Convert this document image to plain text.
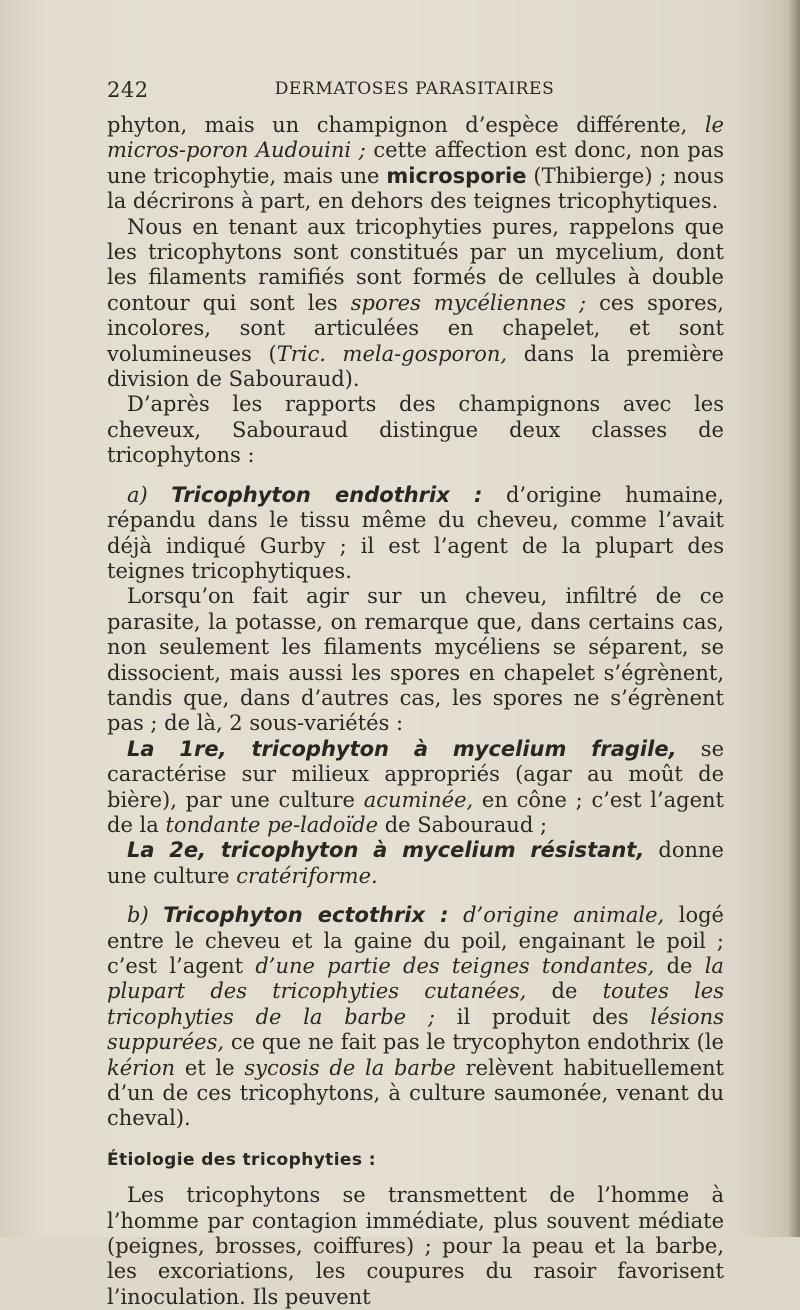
242	DERMATOSES PARASITAIRES

phyton, mais un champignon d’espèce différente, le micros-poron Audouini ; cette affection est donc, non pas une tricophytie, mais une microsporie (Thibierge) ; nous la décrirons à part, en dehors des teignes tricophytiques.

Nous en tenant aux tricophyties pures, rappelons que les tricophytons sont constitués par un mycelium, dont les filaments ramifiés sont formés de cellules à double contour qui sont les spores mycéliennes ; ces spores, incolores, sont articulées en chapelet, et sont volumineuses (Tric. mela-gosporon, dans la première division de Sabouraud).

D’après les rapports des champignons avec les cheveux, Sabouraud distingue deux classes de tricophytons :

a) Tricophyton endothrix : d’origine humaine, répandu dans le tissu même du cheveu, comme l’avait déjà indiqué Gurby ; il est l’agent de la plupart des teignes tricophytiques.

Lorsqu’on fait agir sur un cheveu, infiltré de ce parasite, la potasse, on remarque que, dans certains cas, non seulement les filaments mycéliens se séparent, se dissocient, mais aussi les spores en chapelet s’égrènent, tandis que, dans d’autres cas, les spores ne s’égrènent pas ; de là, 2 sous-variétés :

La 1re, tricophyton à mycelium fragile, se caractérise sur milieux appropriés (agar au moût de bière), par une culture acuminée, en cône ; c’est l’agent de la tondante pe-ladoïde de Sabouraud ;

La 2e, tricophyton à mycelium résistant, donne une culture cratériforme.

b) Tricophyton ectothrix : d’origine animale, logé entre le cheveu et la gaine du poil, engainant le poil ; c’est l’agent d’une partie des teignes tondantes, de la plupart des tricophyties cutanées, de toutes les tricophyties de la barbe ; il produit des lésions suppurées, ce que ne fait pas le trycophyton endothrix (le kérion et le sycosis de la barbe relèvent habituellement d’un de ces tricophytons, à culture saumonée, venant du cheval).

Étiologie des tricophyties :

Les tricophytons se transmettent de l’homme à l’homme par contagion immédiate, plus souvent médiate (peignes, brosses, coiffures) ; pour la peau et la barbe, les excoriations, les coupures du rasoir favorisent l’inoculation. Ils peuvent
